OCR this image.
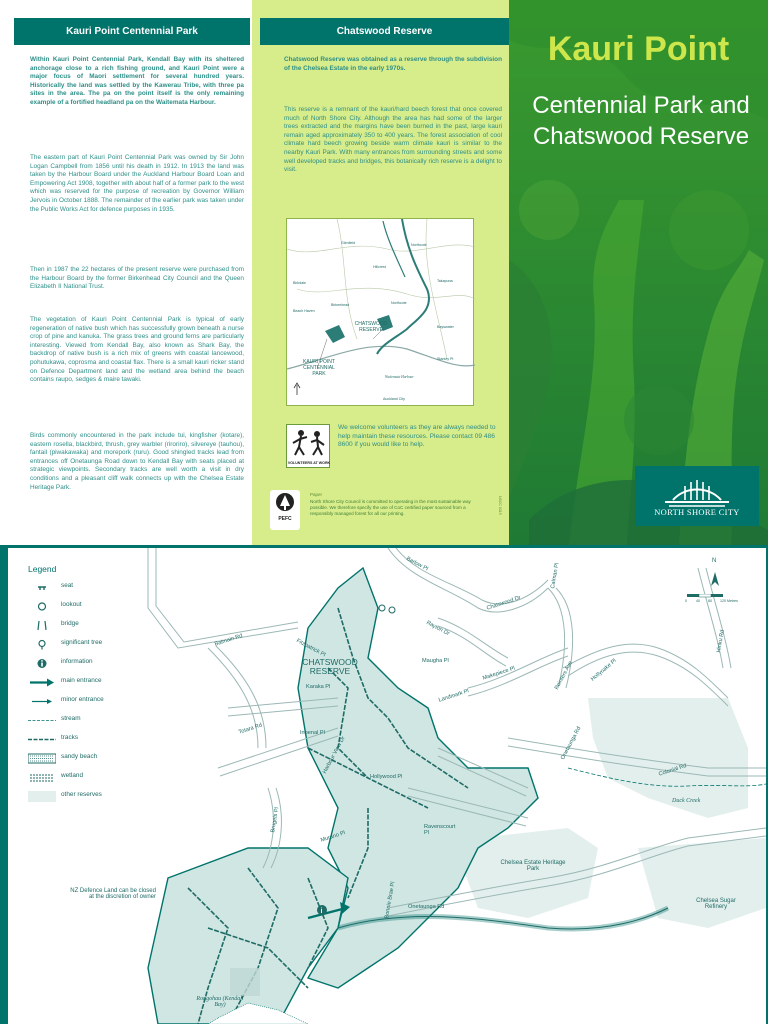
Kauri Point Centennial Park

Within Kauri Point Centennial Park, Kendall Bay with its sheltered anchorage close to a rich fishing ground, and Kauri Point were a major focus of Maori settlement for several hundred years. Historically the land was settled by the Kawerau Tribe, with three pa sites in the area. The pa on the point itself is the only remaining example of a fortified headland pa on the Waitemata Harbour.

The eastern part of Kauri Point Centennial Park was owned by Sir John Logan Campbell from 1856 until his death in 1912. In 1913 the land was taken by the Harbour Board under the Auckland Harbour Board Loan and Empowering Act 1908, together with about half of a former park to the west which was reserved for the purpose of recreation by Governor William Jervois in October 1888. The remainder of the earlier park was taken under the Public Works Act for defence purposes in 1935.

Then in 1987 the 22 hectares of the present reserve were purchased from the Harbour Board by the former Birkenhead City Council and the Queen Elizabeth II National Trust.

The vegetation of Kauri Point Centennial Park is typical of early regeneration of native bush which has successfully grown beneath a nurse crop of pine and kanuka. The grass trees and ground ferns are particularly interesting. Viewed from Kendall Bay, also known as Shark Bay, the backdrop of native bush is a rich mix of greens with coastal lancewood, pohutukawa, coprosma and coastal flax. There is a small kauri ricker stand on Defence Department land and the wetland area behind the beach contains raupo, sedges & maire tawaki.

Birds commonly encountered in the park include tui, kingfisher (kotare), eastern rosella, blackbird, thrush, grey warbler (riroriro), silvereye (tauhou), fantail (piwakawaka) and morepork (ruru). Good shingled tracks lead from entrances off Onetaunga Road down to Kendall Bay with seats placed at strategic viewpoints. Secondary tracks are well worth a visit in dry conditions and a pleasant cliff walk connects up with the Chelsea Estate Heritage Park.

Chatswood Reserve

Chatswood Reserve was obtained as a reserve through the subdivision of the Chelsea Estate in the early 1970s.

This reserve is a remnant of the kauri/hard beech forest that once covered much of North Shore City. Although the area has had some of the larger trees extracted and the margins have been burned in the past, large kauri remain aged approximately 350 to 400 years. The forest association of cool climate hard beech growing beside warm climate kauri is similar to the nearby Kauri Park. With many entrances from surrounding streets and some well developed tracks and bridges, this botanically rich reserve is a delight to visit.

Glenfield
Hillcrest
Northcote
Birkdale
Birkenhead
Beach Haven
CHATSWOOD RESERVE
KAURI POINT CENTENNIAL PARK
Bayswater
Takapuna
Stanley Pt
Waitemata Harbour
Auckland City
Northcote
VOLUNTEERS AT WORK

We welcome volunteers as they are always needed to help maintain these resources. Please contact 09 486 8600 if you would like to help.

PEFC
Paper

North Shore City Council is committed to operating in the most sustainable way possible. We therefore specify the use of CoC certified paper sourced from a responsibly managed forest for all our printing.	NSCC 0319
Kauri Point
Centennial Park and Chatswood Reserve
NORTH SHORE CITY
i
Legend
seat
lookout
bridge
significant tree
information
main entrance
minor entrance
stream
tracks
sandy beach
wetland
other reserves
N
0	40 80 120 Metres
CHATSWOOD RESERVE
Fitzpatrick Pl
Karaka Pl
Balmain Rd
Barlow Pl
Chatswood Dr
Calman Pl
Rayton Dr
Maugha Pl
Makepiece Pl	Pointers Ave	Hollyoake Pl
Hinku Rd
Landmark Pl
Onetaunga Rd
Inbenal Pl
Harbour View Dr
Totara Rd
Hollywood Pl	Colonial Rd
Duck Creek
Brugels Pl
Murano Pl
Ravenscourt Pl
Chelsea Estate Heritage Park
Chelsea Sugar Refinery
NZ Defence Land can be closed at the discretion of owner
Onetaunga Rd
Bonnie Brae Pl
Rongohau (Kendall Bay)
